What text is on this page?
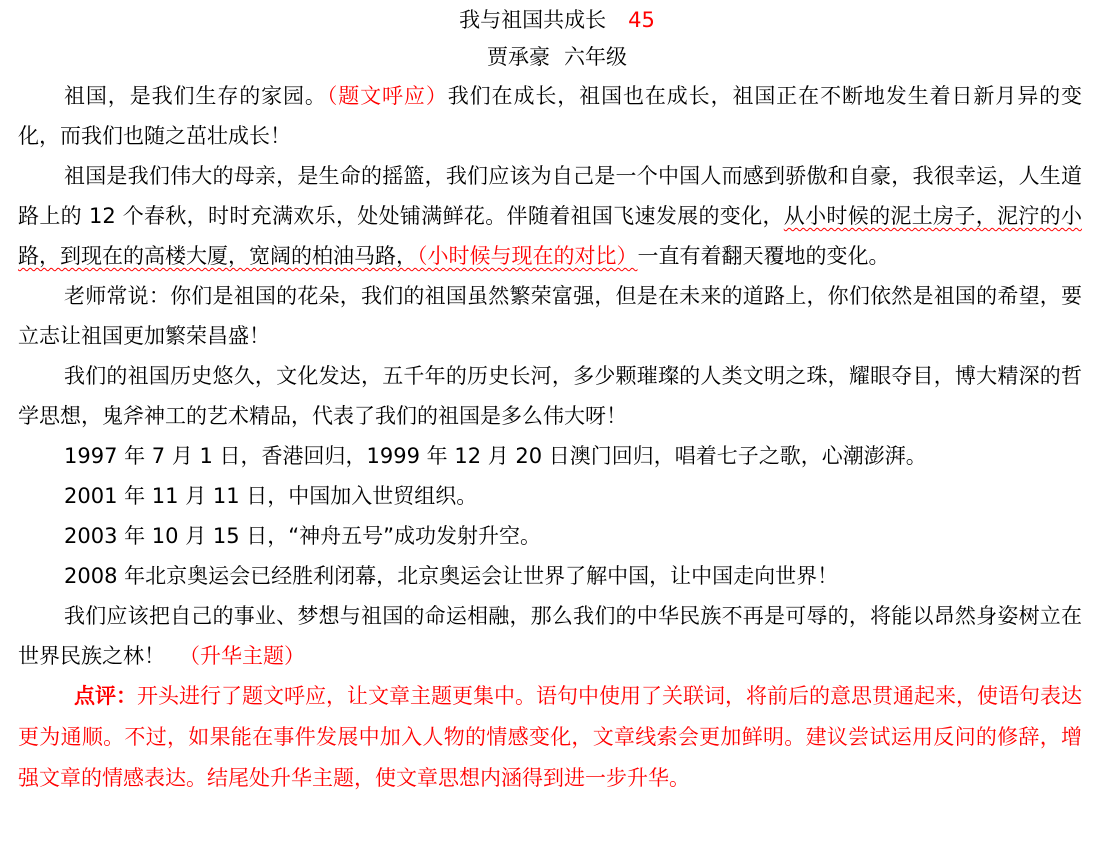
我与祖国共成长 45
贾承豪 六年级

祖国，是我们生存的家园。（题文呼应）我们在成长，祖国也在成长，祖国正在不断地发生着日新月异的变化，而我们也随之茁壮成长！

祖国是我们伟大的母亲，是生命的摇篮，我们应该为自己是一个中国人而感到骄傲和自豪，我很幸运，人生道路上的 12 个春秋，时时充满欢乐，处处铺满鲜花。伴随着祖国飞速发展的变化，从小时候的泥土房子，泥泞的小路，到现在的高楼大厦，宽阔的柏油马路，（小时候与现在的对比）一直有着翻天覆地的变化。

老师常说：你们是祖国的花朵，我们的祖国虽然繁荣富强，但是在未来的道路上，你们依然是祖国的希望，要立志让祖国更加繁荣昌盛！

我们的祖国历史悠久，文化发达，五千年的历史长河，多少颗璀璨的人类文明之珠，耀眼夺目，博大精深的哲学思想，鬼斧神工的艺术精品，代表了我们的祖国是多么伟大呀！

1997 年 7 月 1 日，香港回归，1999 年 12 月 20 日澳门回归，唱着七子之歌，心潮澎湃。

2001 年 11 月 11 日，中国加入世贸组织。

2003 年 10 月 15 日，“神舟五号”成功发射升空。

2008 年北京奥运会已经胜利闭幕，北京奥运会让世界了解中国，让中国走向世界！

我们应该把自己的事业、梦想与祖国的命运相融，那么我们的中华民族不再是可辱的，将能以昂然身姿树立在世界民族之林！ （升华主题）

点评：开头进行了题文呼应，让文章主题更集中。语句中使用了关联词，将前后的意思贯通起来，使语句表达更为通顺。不过，如果能在事件发展中加入人物的情感变化，文章线索会更加鲜明。建议尝试运用反问的修辞，增强文章的情感表达。结尾处升华主题，使文章思想内涵得到进一步升华。
